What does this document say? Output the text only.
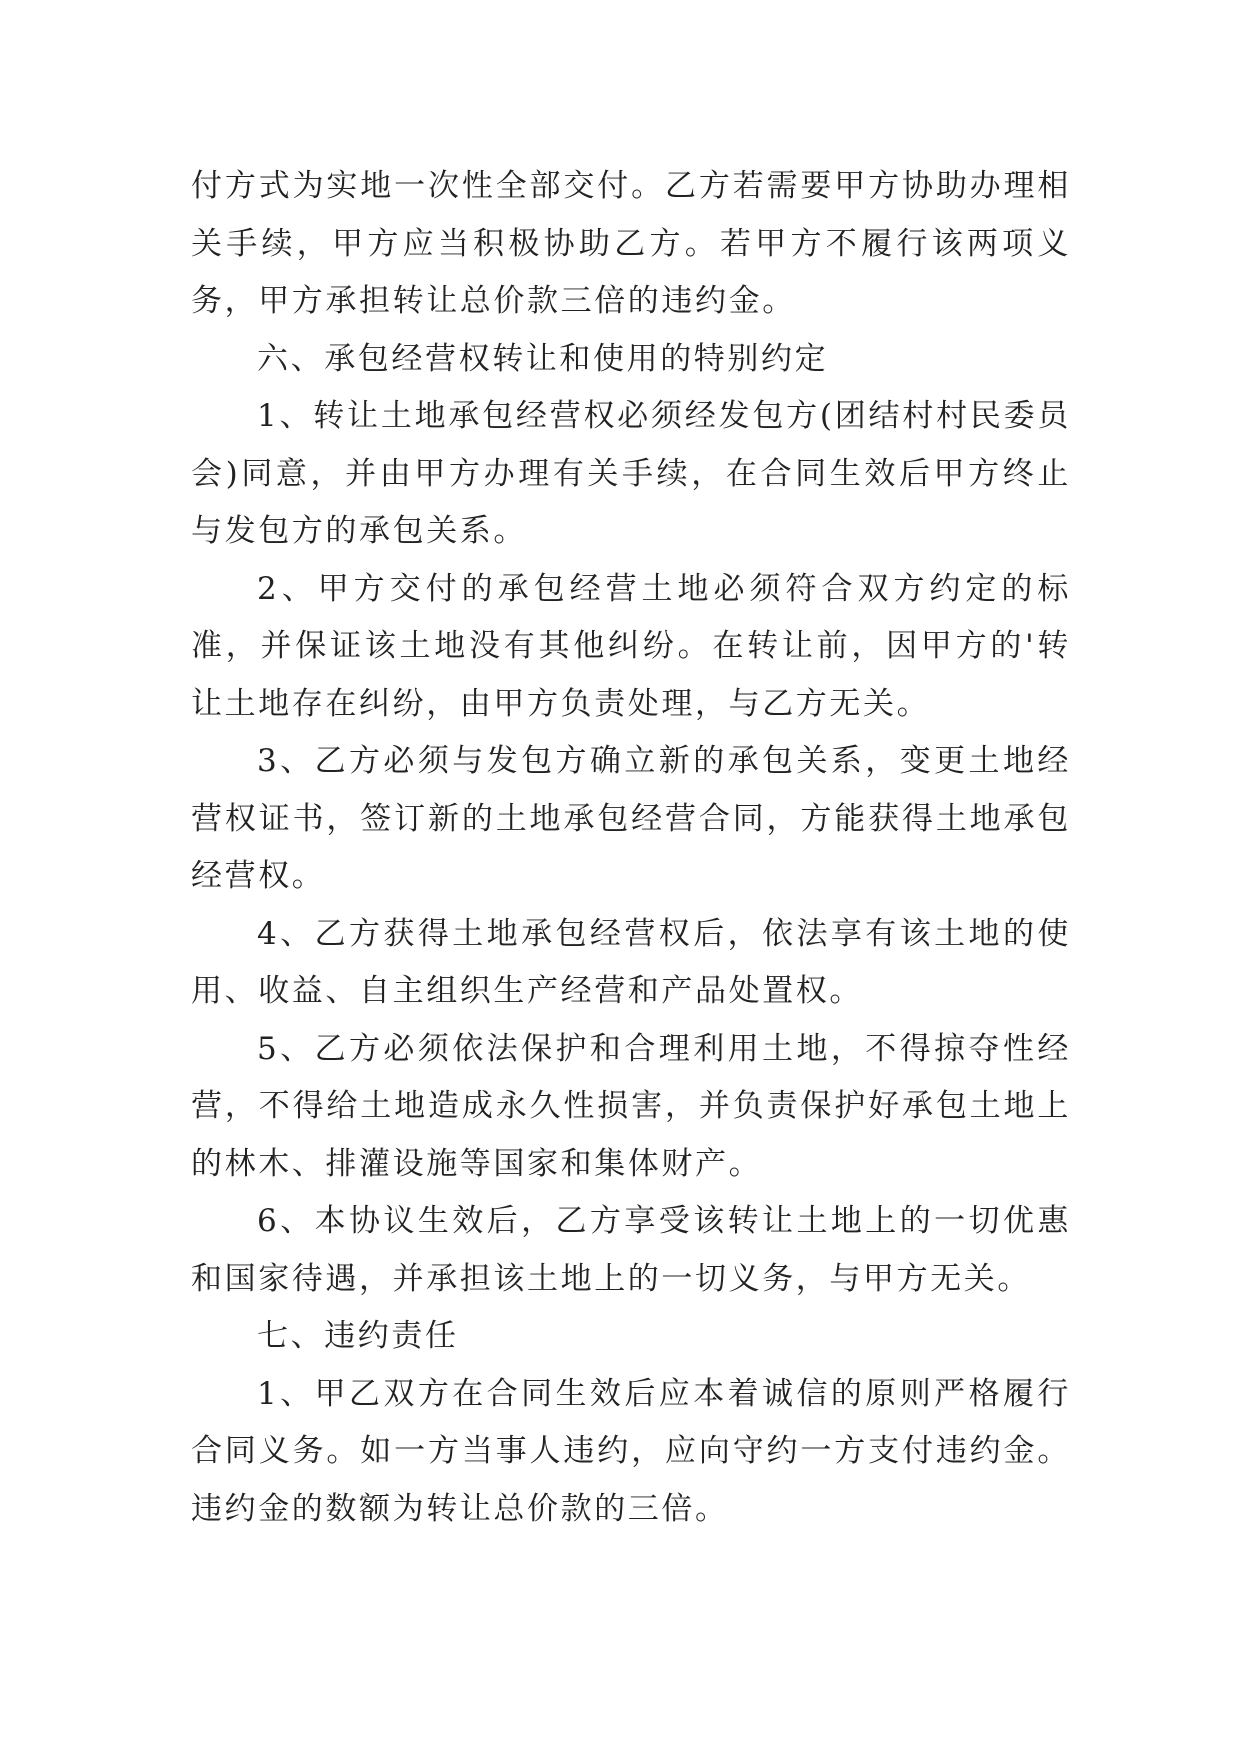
付方式为实地一次性全部交付。乙方若需要甲方协助办理相关手续，甲方应当积极协助乙方。若甲方不履行该两项义务，甲方承担转让总价款三倍的违约金。

六、承包经营权转让和使用的特别约定

1、转让土地承包经营权必须经发包方(团结村村民委员会)同意，并由甲方办理有关手续，在合同生效后甲方终止与发包方的承包关系。

2、甲方交付的承包经营土地必须符合双方约定的标准，并保证该土地没有其他纠纷。在转让前，因甲方的'转让土地存在纠纷，由甲方负责处理，与乙方无关。

3、乙方必须与发包方确立新的承包关系，变更土地经营权证书，签订新的土地承包经营合同，方能获得土地承包经营权。

4、乙方获得土地承包经营权后，依法享有该土地的使用、收益、自主组织生产经营和产品处置权。

5、乙方必须依法保护和合理利用土地，不得掠夺性经营，不得给土地造成永久性损害，并负责保护好承包土地上的林木、排灌设施等国家和集体财产。

6、本协议生效后，乙方享受该转让土地上的一切优惠和国家待遇，并承担该土地上的一切义务，与甲方无关。

七、违约责任

1、甲乙双方在合同生效后应本着诚信的原则严格履行合同义务。如一方当事人违约，应向守约一方支付违约金。违约金的数额为转让总价款的三倍。
